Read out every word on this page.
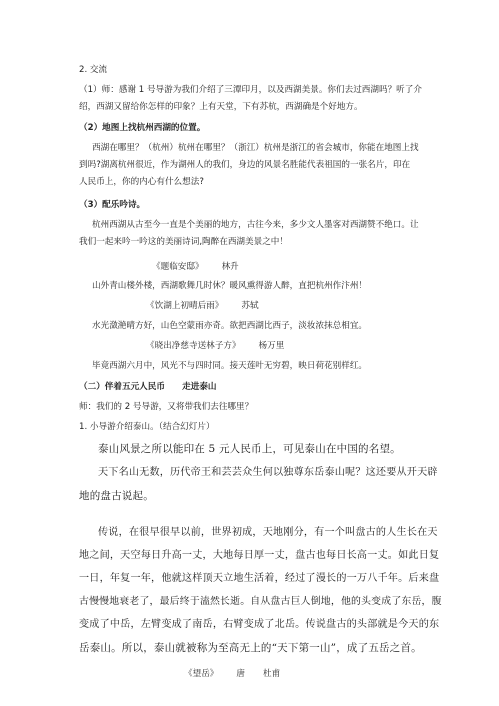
2. 交流
（1）师：感谢 1 号导游为我们介绍了三潭印月，以及西湖美景。你们去过西湖吗？听了介
绍，西湖又留给你怎样的印象？上有天堂，下有苏杭，西湖确是个好地方。
（2）地图上找杭州西湖的位置。
西湖在哪里？（杭州）杭州在哪里？（浙江）杭州是浙江的省会城市，你能在地图上找
到吗?湖离杭州很近，作为湖州人的我们，身边的风景名胜能代表祖国的一张名片，印在
人民币上，你的内心有什么想法?
（3）配乐吟诗。
杭州西湖从古至今一直是个美丽的地方，古往今来，多少文人墨客对西湖赞不绝口。让
我们一起来吟一吟这的美丽诗词,陶醉在西湖美景之中！
《题临安邸》 林升
山外青山楼外楼，西湖歌舞几时休？暖风熏得游人醉，直把杭州作汴州！
《饮湖上初晴后雨》 苏轼
水光潋滟晴方好，山色空蒙雨亦奇。欲把西湖比西子，淡妆浓抹总相宜。
《晓出净慈寺送林子方》 杨万里
毕竟西湖六月中，风光不与四时同。接天莲叶无穷碧，映日荷花别样红。
（二）伴着五元人民币　　走进泰山
师：我们的 2 号导游，又将带我们去往哪里？
1. 小导游介绍泰山。（结合幻灯片）
泰山风景之所以能印在 5 元人民币上，可见泰山在中国的名望。
天下名山无数，历代帝王和芸芸众生何以独尊东岳泰山呢？这还要从开天辟
地的盘古说起。
传说，在很早很早以前，世界初成，天地刚分，有一个叫盘古的人生长在天
地之间，天空每日升高一丈，大地每日厚一丈，盘古也每日长高一丈。如此日复
一日，年复一年，他就这样顶天立地生活着，经过了漫长的一万八千年。后来盘
古慢慢地衰老了，最后终于溘然长逝。自从盘古巨人倒地，他的头变成了东岳，腹
变成了中岳，左臂变成了南岳，右臂变成了北岳。传说盘古的头部就是今天的东
岳泰山。所以，泰山就被称为至高无上的“天下第一山”，成了五岳之首。
《望岳》 唐 杜甫
